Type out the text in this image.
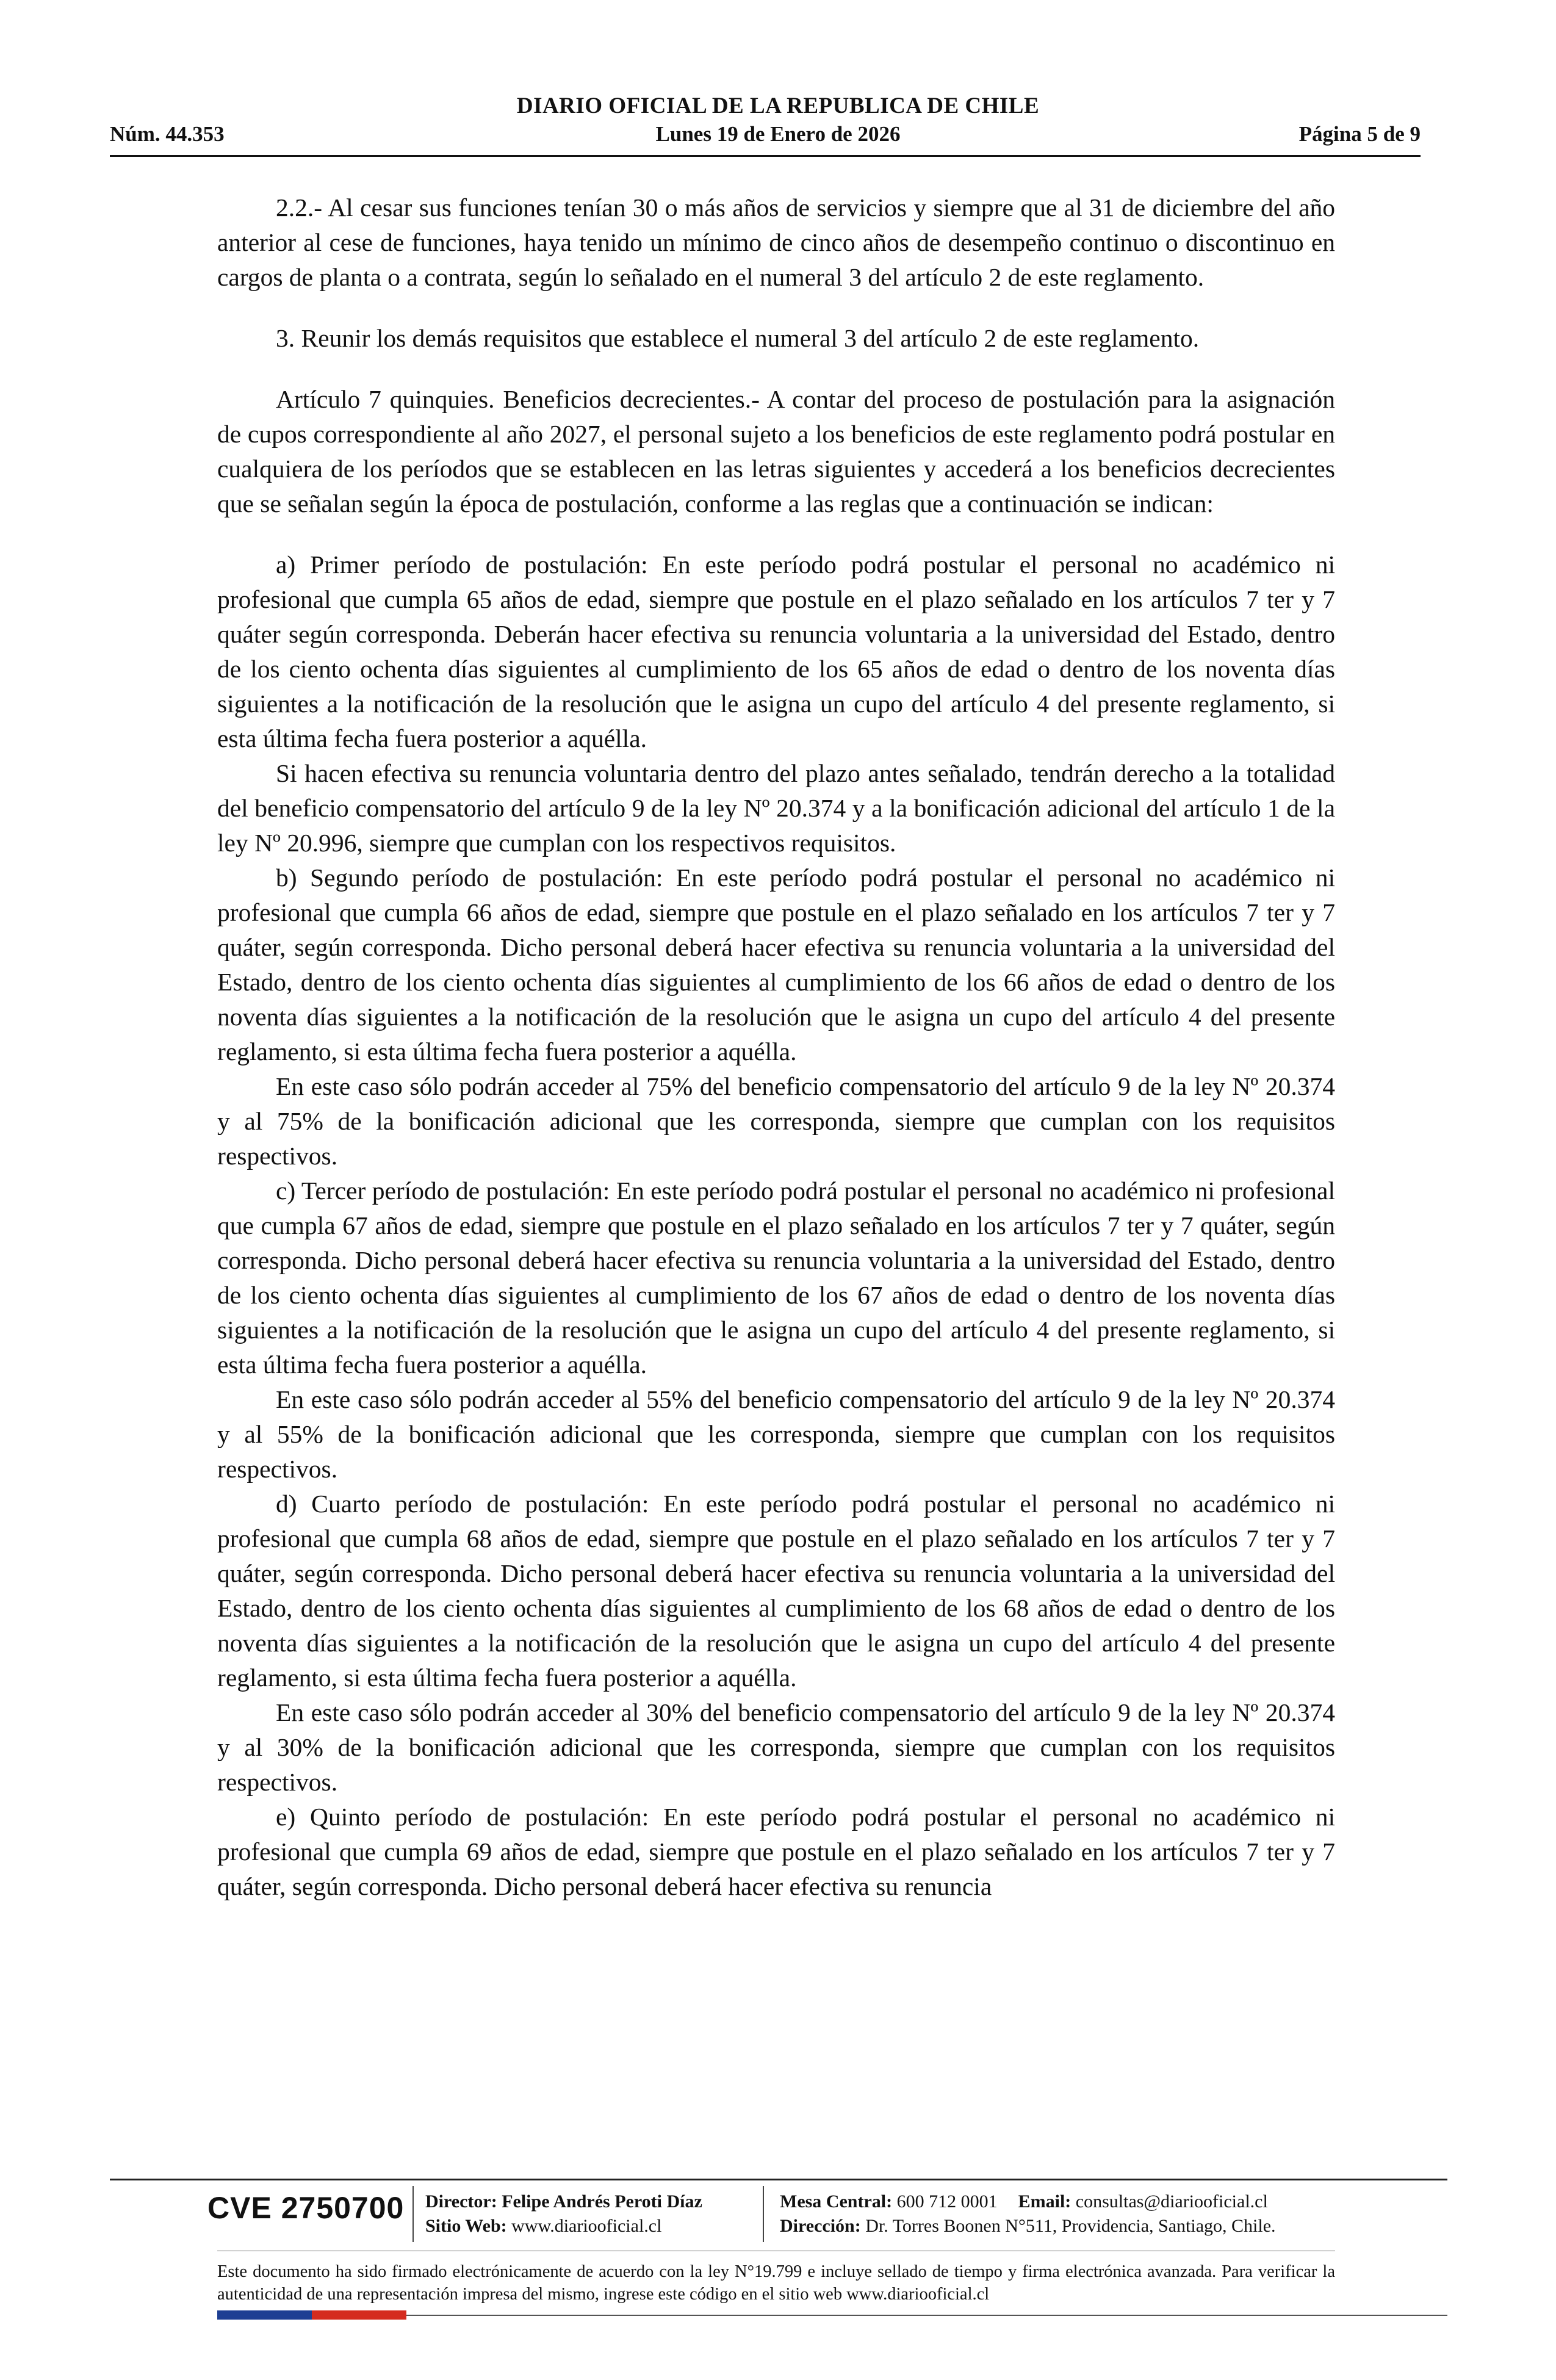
DIARIO OFICIAL DE LA REPUBLICA DE CHILE
Núm. 44.353	Lunes 19 de Enero de 2026	Página 5 de 9

2.2.- Al cesar sus funciones tenían 30 o más años de servicios y siempre que al 31 de diciembre del año anterior al cese de funciones, haya tenido un mínimo de cinco años de desempeño continuo o discontinuo en cargos de planta o a contrata, según lo señalado en el numeral 3 del artículo 2 de este reglamento.

3. Reunir los demás requisitos que establece el numeral 3 del artículo 2 de este reglamento.

Artículo 7 quinquies. Beneficios decrecientes.- A contar del proceso de postulación para la asignación de cupos correspondiente al año 2027, el personal sujeto a los beneficios de este reglamento podrá postular en cualquiera de los períodos que se establecen en las letras siguientes y accederá a los beneficios decrecientes que se señalan según la época de postulación, conforme a las reglas que a continuación se indican:

a) Primer período de postulación: En este período podrá postular el personal no académico ni profesional que cumpla 65 años de edad, siempre que postule en el plazo señalado en los artículos 7 ter y 7 quáter según corresponda. Deberán hacer efectiva su renuncia voluntaria a la universidad del Estado, dentro de los ciento ochenta días siguientes al cumplimiento de los 65 años de edad o dentro de los noventa días siguientes a la notificación de la resolución que le asigna un cupo del artículo 4 del presente reglamento, si esta última fecha fuera posterior a aquélla.

Si hacen efectiva su renuncia voluntaria dentro del plazo antes señalado, tendrán derecho a la totalidad del beneficio compensatorio del artículo 9 de la ley Nº 20.374 y a la bonificación adicional del artículo 1 de la ley Nº 20.996, siempre que cumplan con los respectivos requisitos.

b) Segundo período de postulación: En este período podrá postular el personal no académico ni profesional que cumpla 66 años de edad, siempre que postule en el plazo señalado en los artículos 7 ter y 7 quáter, según corresponda. Dicho personal deberá hacer efectiva su renuncia voluntaria a la universidad del Estado, dentro de los ciento ochenta días siguientes al cumplimiento de los 66 años de edad o dentro de los noventa días siguientes a la notificación de la resolución que le asigna un cupo del artículo 4 del presente reglamento, si esta última fecha fuera posterior a aquélla.

En este caso sólo podrán acceder al 75% del beneficio compensatorio del artículo 9 de la ley Nº 20.374 y al 75% de la bonificación adicional que les corresponda, siempre que cumplan con los requisitos respectivos.

c) Tercer período de postulación: En este período podrá postular el personal no académico ni profesional que cumpla 67 años de edad, siempre que postule en el plazo señalado en los artículos 7 ter y 7 quáter, según corresponda. Dicho personal deberá hacer efectiva su renuncia voluntaria a la universidad del Estado, dentro de los ciento ochenta días siguientes al cumplimiento de los 67 años de edad o dentro de los noventa días siguientes a la notificación de la resolución que le asigna un cupo del artículo 4 del presente reglamento, si esta última fecha fuera posterior a aquélla.

En este caso sólo podrán acceder al 55% del beneficio compensatorio del artículo 9 de la ley Nº 20.374 y al 55% de la bonificación adicional que les corresponda, siempre que cumplan con los requisitos respectivos.

d) Cuarto período de postulación: En este período podrá postular el personal no académico ni profesional que cumpla 68 años de edad, siempre que postule en el plazo señalado en los artículos 7 ter y 7 quáter, según corresponda. Dicho personal deberá hacer efectiva su renuncia voluntaria a la universidad del Estado, dentro de los ciento ochenta días siguientes al cumplimiento de los 68 años de edad o dentro de los noventa días siguientes a la notificación de la resolución que le asigna un cupo del artículo 4 del presente reglamento, si esta última fecha fuera posterior a aquélla.

En este caso sólo podrán acceder al 30% del beneficio compensatorio del artículo 9 de la ley Nº 20.374 y al 30% de la bonificación adicional que les corresponda, siempre que cumplan con los requisitos respectivos.

e) Quinto período de postulación: En este período podrá postular el personal no académico ni profesional que cumpla 69 años de edad, siempre que postule en el plazo señalado en los artículos 7 ter y 7 quáter, según corresponda. Dicho personal deberá hacer efectiva su renuncia

CVE 2750700 Director: Felipe Andrés Peroti Díaz
Sitio Web: www.diariooficial.cl
Mesa Central: 600 712 0001 Email: consultas@diariooficial.cl
Dirección: Dr. Torres Boonen N°511, Providencia, Santiago, Chile.
Este documento ha sido firmado electrónicamente de acuerdo con la ley N°19.799 e incluye sellado de tiempo y firma electrónica avanzada. Para verificar la autenticidad de una representación impresa del mismo, ingrese este código en el sitio web www.diariooficial.cl
